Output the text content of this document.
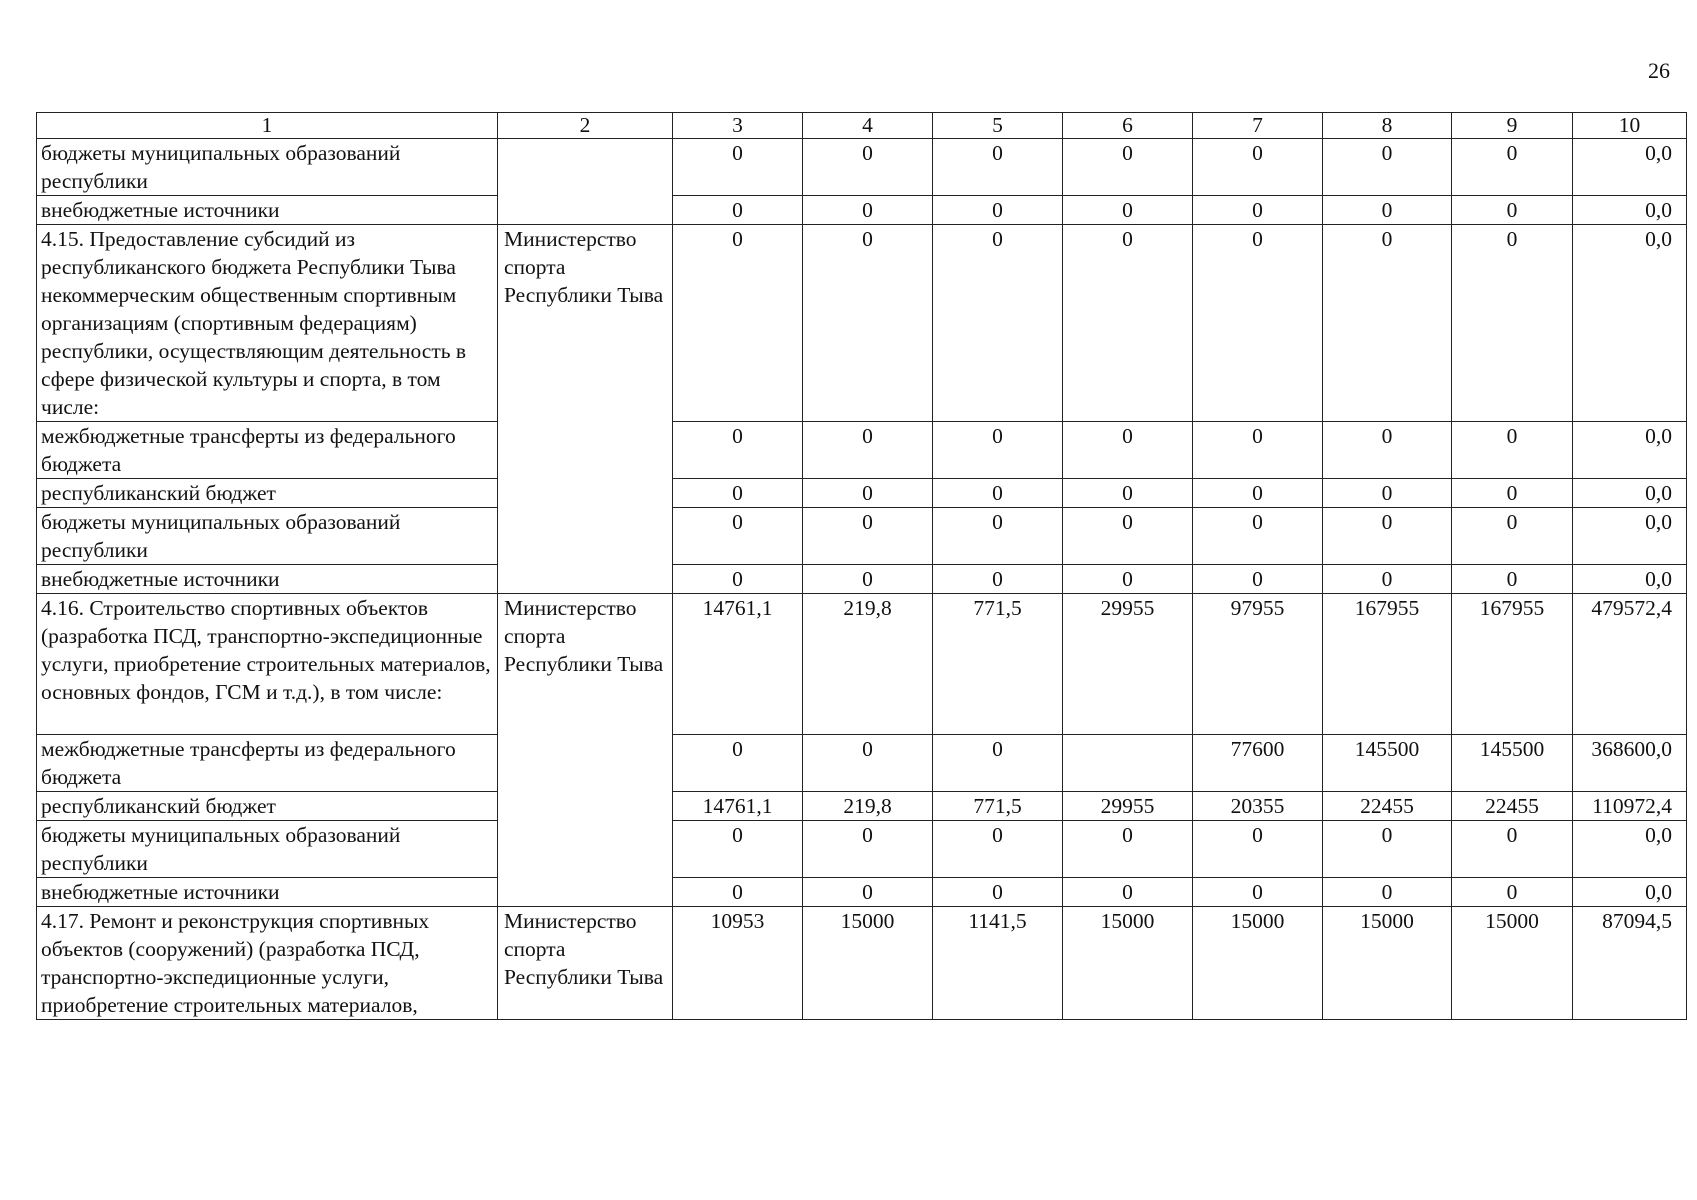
26
1	2	3	4	5	6	7	8	9	10
бюджеты муниципальных образований республики		0	0	0	0	0	0	0	0,0
внебюджетные источники		0	0	0	0	0	0	0	0,0
4.15. Предоставление субсидий из республиканского бюджета Республики Тыва некоммерческим общественным спортивным организациям (спортивным федерациям) республики, осуществляющим деятельность в сфере физической культуры и спорта, в том числе:	Министерство спорта Республики Тыва	0	0	0	0	0	0	0	0,0
межбюджетные трансферты из федерального бюджета		0	0	0	0	0	0	0	0,0
республиканский бюджет		0	0	0	0	0	0	0	0,0
бюджеты муниципальных образований республики		0	0	0	0	0	0	0	0,0
внебюджетные источники		0	0	0	0	0	0	0	0,0
4.16. Строительство спортивных объектов (разработка ПСД, транспортно-экспедиционные услуги, приобретение строительных материалов, основных фондов, ГСМ и т.д.), в том числе:	Министерство спорта Республики Тыва	14761,1	219,8	771,5	29955	97955	167955	167955	479572,4
межбюджетные трансферты из федерального бюджета		0	0	0		77600	145500	145500	368600,0
республиканский бюджет		14761,1	219,8	771,5	29955	20355	22455	22455	110972,4
бюджеты муниципальных образований республики		0	0	0	0	0	0	0	0,0
внебюджетные источники		0	0	0	0	0	0	0	0,0
4.17. Ремонт и реконструкция спортивных объектов (сооружений) (разработка ПСД, транспортно-экспедиционные услуги, приобретение строительных материалов,	Министерство спорта Республики Тыва	10953	15000	1141,5	15000	15000	15000	15000	87094,5
